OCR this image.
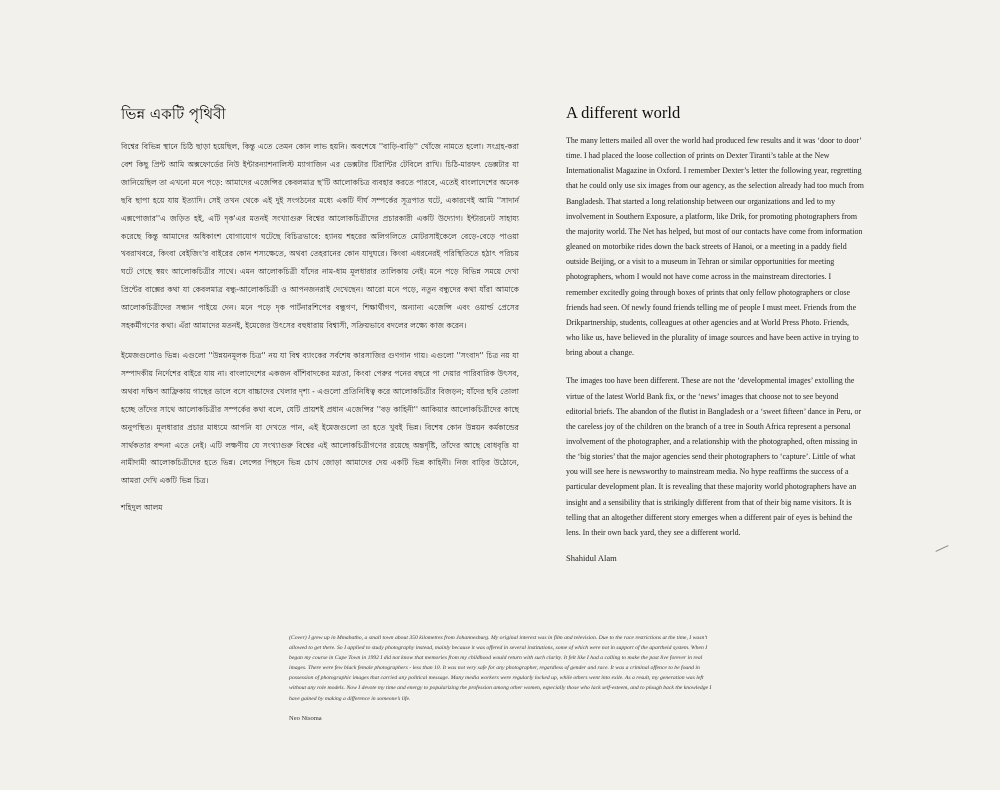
ভিন্ন একটি পৃথিবী

বিশ্বের বিভিন্ন স্থানে চিঠি ছাড়া হয়েছিল, কিন্তু এতে তেমন কোন লাভ হয়নি। অবশেষে ''বাড়ি-বাড়ি'' খোঁজে নামতে হলো। সংগ্রহ-করা বেশ কিছু প্রিন্ট আমি অক্সফোর্ডের নিউ ইন্টারন্যাশনালিস্ট ম্যাগাজিন এর ডেক্সটার টিরান্টির টেবিলে রাখি। চিঠি-মারফৎ ডেক্সটার যা জানিয়েছিল তা এখনো মনে পড়ে: আমাদের এজেন্সির কেবলমাত্র ছ'টি আলোকচিত্র ব্যবহার করতে পারবে, এতেই বাংলাদেশের অনেক ছবি ছাপা হয়ে যায় ইত্যাদি। সেই তখন থেকে এই দুই সংগঠনের মধ্যে একটি দীর্ঘ সম্পর্কের সূত্রপাত ঘটে, একারণেই আমি ''সাদার্ন এক্সপোজার''এ জড়িত হই, এটি দৃক'এর মতনই সংখ্যাগুরু বিশ্বের আলোকচিত্রীদের প্রচারকারী একটি উদ্যোগ। ইন্টারনেট সাহায্য করেছে কিন্তু আমাদের অধিকাংশ যোগাযোগ ঘটেছে বিচিত্রভাবে: হ্যানয় শহরের অলিগলিতে মোটরসাইকেলে বেড়ে-বেড়ে পাওয়া খবরাখবরে, কিংবা বেইজিং'র বাইরের কোন শস্যক্ষেতে, অথবা তেহরানের কোন যাদুঘরে। কিংবা এধরনেরই পরিস্থিতিতে হঠাৎ পরিচয় ঘটে গেছে স্বয়ং আলোকচিত্রীর সাথে। এমন আলোকচিত্রী যাঁদের নাম-ধাম মূলধারার তালিকায় নেই। মনে পড়ে বিভিন্ন সময়ে দেখা প্রিন্টের বাক্সের কথা যা কেবলমাত্র বন্ধু-আলোকচিত্রী ও আপনজনরাই দেখেছেন। আরো মনে পড়ে, নতুন বন্ধুদের কথা যাঁরা আমাকে আলোকচিত্রীদের সন্ধান পাইয়ে দেন। মনে পড়ে দৃক পার্টনারশিপের বন্ধুগণ, শিক্ষার্থীগণ, অন্যান্য এজেন্সি এবং ওয়ার্ল্ড প্রেসের সহকর্মীগণের কথা। এঁরা আমাদের মতনই, ইমেজের উৎসের বহুধারায় বিশ্বাসী, সক্রিয়ভাবে বদলের লক্ষ্যে কাজ করেন।

ইমেজগুলোও ভিন্ন। এগুলো ''উন্নয়নমূলক চিত্র'' নয় যা বিশ্ব ব্যাংকের সর্বশেষ কারসাজির গুণগান গায়। এগুলো ''সংবাদ'' চিত্র নয় যা সম্পাদকীয় নির্দেশের বাইরে যায় না। বাংলাদেশের একজন বাঁশিবাদকের মগ্নতা, কিংবা পেরুর পনের বছরে পা দেয়ার পারিবারিক উৎসব, অথবা দক্ষিণ আফ্রিকায় গাছের ডালে বসে বাচ্চাদের খেলার দৃশ্য - এগুলো প্রতিনিধিত্ব করে আলোকচিত্রীর বিজড়ন; যাঁদের ছবি তোলা হচ্ছে তাঁদের সাথে আলোকচিত্রীর সম্পর্কের কথা বলে, যেটি প্রায়শই প্রধান এজেন্সির ''বড় কাহিনী'' আকিয়ার আলোকচিত্রীদের কাছে অনুপস্থিত। মূলধারার প্রচার মাধ্যমে আপনি যা দেখতে পান, এই ইমেজগুলো তা হতে খুবই ভিন্ন। বিশেষ কোন উন্নয়ন কর্মকান্ডের সার্থকতার বন্দনা এতে নেই। এটি লক্ষণীয় যে সংখ্যাগুরু বিশ্বের এই আলোকচিত্রীগণের রয়েছে অন্তর্দৃষ্টি, তাঁদের আছে বোধবৃত্তি যা নামীদামী আলোকচিত্রীদের হতে ভিন্ন। লেন্সের পিছনে ভিন্ন চোখ জোড়া আমাদের দেয় একটি ভিন্ন কাহিনী। নিজ বাড়ির উঠোনে, আমরা দেখি একটি ভিন্ন চিত্র।

শহিদুল আলম
A different world

The many letters mailed all over the world had produced few results and it was ‘door to door’ time. I had placed the loose collection of prints on Dexter Tiranti’s table at the New Internationalist Magazine in Oxford. I remember Dexter’s letter the following year, regretting that he could only use six images from our agency, as the selection already had too much from Bangladesh. That started a long relationship between our organizations and led to my involvement in Southern Exposure, a platform, like Drik, for promoting photographers from the majority world. The Net has helped, but most of our contacts have come from information gleaned on motorbike rides down the back streets of Hanoi, or a meeting in a paddy field outside Beijing, or a visit to a museum in Tehran or similar opportunities for meeting photographers, whom I would not have come across in the mainstream directories. I remember excitedly going through boxes of prints that only fellow photographers or close friends had seen. Of newly found friends telling me of people I must meet. Friends from the Drikpartnership, students, colleagues at other agencies and at World Press Photo. Friends, who like us, have believed in the plurality of image sources and have been active in trying to bring about a change.

The images too have been different. These are not the ‘developmental images’ extolling the virtue of the latest World Bank fix, or the ‘news’ images that choose not to see beyond editorial briefs. The abandon of the flutist in Bangladesh or a ‘sweet fifteen’ dance in Peru, or the careless joy of the children on the branch of a tree in South Africa represent a personal involvement of the photographer, and a relationship with the photographed, often missing in the ‘big stories’ that the major agencies send their photographers to ‘capture’. Little of what you will see here is newsworthy to mainstream media. No hype reaffirms the success of a particular development plan. It is revealing that these majority world photographers have an insight and a sensibility that is strikingly different from that of their big name visitors. It is telling that an altogether different story emerges when a different pair of eyes is behind the lens. In their own back yard, they see a different world.

Shahidul Alam
(Cover) I grew up in Mmabatho, a small town about 350 kilometres from Johannesburg. My original interest was in film and television. Due to the race restrictions at the time, I wasn’t allowed to get there. So I applied to study photography instead, mainly because it was offered in several institutions, some of which were not in support of the apartheid system. When I began my course in Cape Town in 1992 I did not know that memories from my childhood would return with such clarity. It felt like I had a calling to make the past live forever in real images. There were few black female photographers - less than 10. It was not very safe for any photographer, regardless of gender and race. It was a criminal offence to be found in possession of photographic images that carried any political message. Many media workers were regularly locked up, while others went into exile. As a result, my generation was left without any role models. Now I devote my time and energy to popularizing the profession among other women, especially those who lack self-esteem, and to plough back the knowledge I have gained by making a difference in someone’s life.
Neo Ntsoma
